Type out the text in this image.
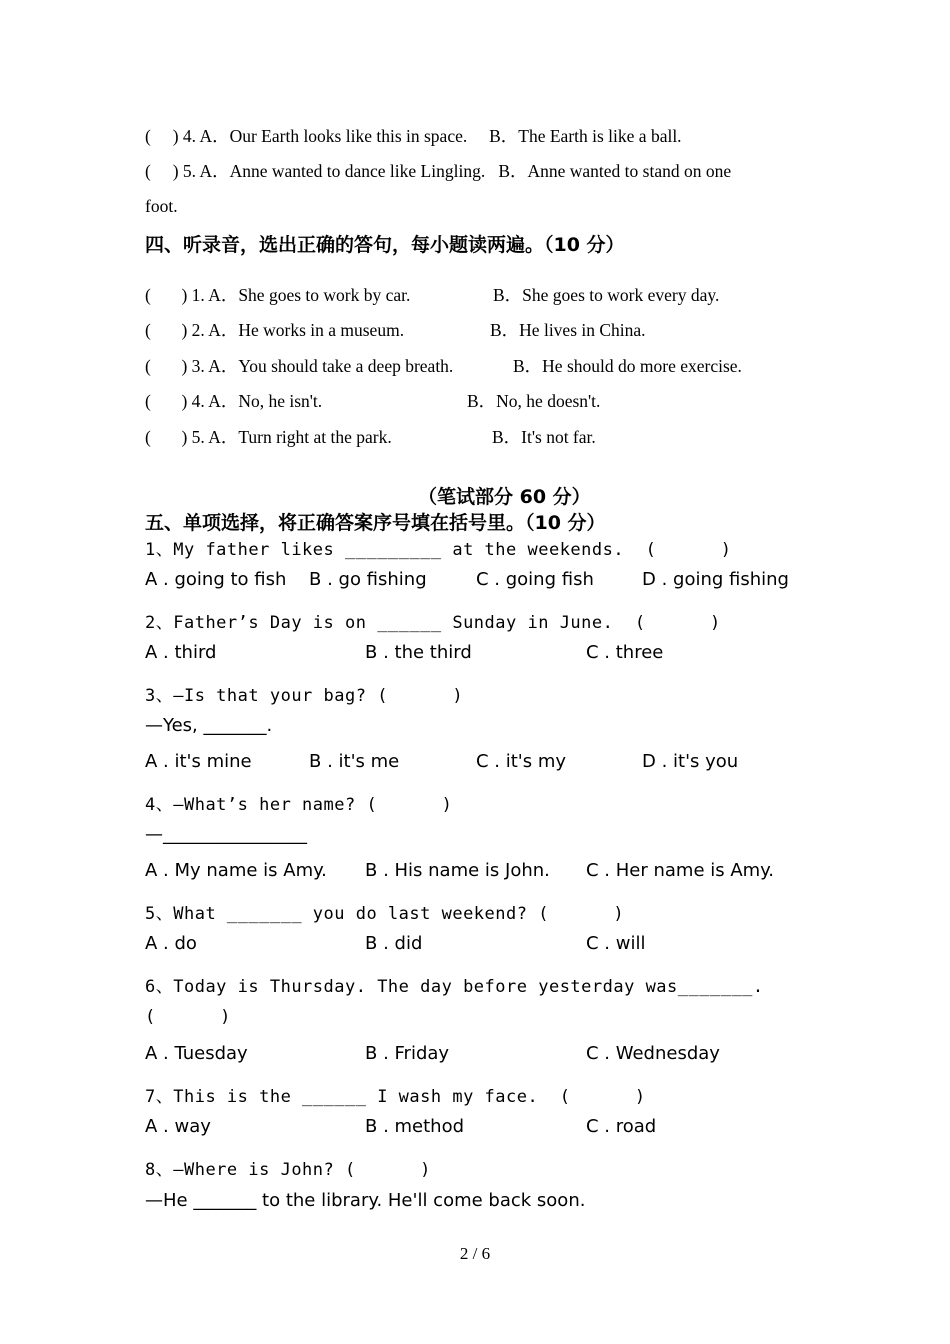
(     ) 4. A．Our Earth looks like this in space.     B．The Earth is like a ball.
(     ) 5. A．Anne wanted to dance like Lingling.   B．Anne wanted to stand on one
foot.
四、听录音，选出正确的答句，每小题读两遍。（10 分）
(       ) 1. A．She goes to work by car.	B．She goes to work every day.
(       ) 2. A．He works in a museum.	B．He lives in China.
(       ) 3. A．You should take a deep breath.	B．He should do more exercise.
(       ) 4. A．No, he isn't.	B．No, he doesn't.
(       ) 5. A．Turn right at the park.	B．It's not far.
（笔试部分 60 分）
五、单项选择，将正确答案序号填在括号里。（10 分）
1、My father likes _________ at the weekends.  (      )
A . going to fish B . go fishing	C . going fish	D . going fishing
2、Father’s Day is on ______ Sunday in June.  (      )
A . third	B . the third	C . three
3、—Is that your bag? (      )
—Yes, _______.
A . it's mine	B . it's me	C . it's my	D . it's you
4、—What’s her name? (      )
—________________
A . My name is Amy. B . His name is John. C . Her name is Amy.
5、What _______ you do last weekend? (      )
A . do	B . did	C . will
6、Today is Thursday. The day before yesterday was_______.
(      )
A . Tuesday	B . Friday	C . Wednesday
7、This is the ______ I wash my face.  (      )
A . way	B . method	C . road
8、—Where is John? (      )
—He _______ to the library. He'll come back soon.
2 / 6
